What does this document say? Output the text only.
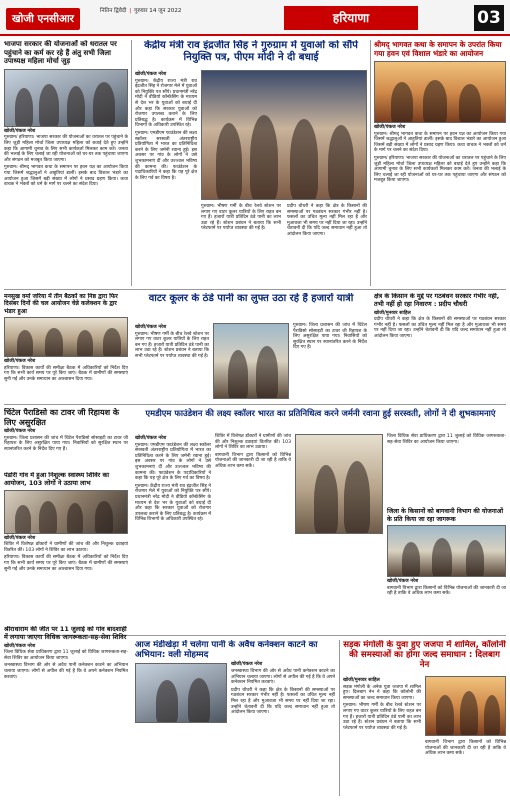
खोजी एनसीआर
नितिन द्विवेदी | गुरुवार 14 जून 2022	हरियाणा	03
भाजपा सरकार की योजनाओं को धरातल पर पहुंचाने का कर्म कर रहे हैं अंतु सभी जिला उपाध्यक्ष महिला मोर्चा जुड़
खोजी/पंकज नरेश
गुरुग्राम/ हरियाणा। भाजपा सरकार की योजनाओं का धरातल पर पहुंचाने के लिए जुड़ी महिला मोर्चा जिला उपाध्यक्ष महिला को बधाई देते हुए उन्होंने कहा कि आगामी चुनाव के लिए सभी कार्यकर्ता मिलकर काम करें। जनता की भलाई के लिए चलाई जा रही योजनाओं को घर-घर तक पहुंचाया जाएगा और संगठन को मजबूत किया जाएगा।
गुरुग्राम। श्रीमद् भागवत कथा के समापन पर हवन यज्ञ का आयोजन किया गया जिसमें श्रद्धालुओं ने आहुतियां डालीं। इसके बाद विशाल भंडारे का आयोजन हुआ जिसमें बड़ी संख्या में लोगों ने प्रसाद ग्रहण किया। कथा वाचक ने भक्तों को धर्म के मार्ग पर चलने का संदेश दिया।
केंद्रीय मंत्री राव इंद्रजीत सिंह ने गुरुग्राम में युवाओं को सौंपे नियुक्ति पत्र, पीएम मोदी ने दी बधाई
खोजी/पंकज नरेश
गुरुग्राम। केंद्रीय राज्य मंत्री राव इंद्रजीत सिंह ने रोजगार मेले में युवाओं को नियुक्ति पत्र सौंपे। प्रधानमंत्री नरेंद्र मोदी ने वीडियो कॉन्फ्रेंसिंग के माध्यम से देश भर के युवाओं को बधाई दी और कहा कि सरकार युवाओं को रोजगार उपलब्ध कराने के लिए प्रतिबद्ध है। कार्यक्रम में विभिन्न विभागों के अधिकारी उपस्थित रहे।
गुरुग्राम। एमडीएम फाउंडेशन की लक्ष्य स्कॉलर सरस्वती अंतरराष्ट्रीय प्रतियोगिता में भारत का प्रतिनिधित्व करने के लिए जर्मनी रवाना हुई। इस अवसर पर गांव के लोगों ने उसे शुभकामनाएं दीं और उज्ज्वल भविष्य की कामना की। फाउंडेशन के पदाधिकारियों ने कहा कि यह पूरे क्षेत्र के लिए गर्व का विषय है।
गुरुग्राम। भीषण गर्मी के बीच रेलवे स्टेशन पर लगाए गए वाटर कूलर यात्रियों के लिए राहत बन गए हैं। हजारों यात्री प्रतिदिन ठंडे पानी का लाभ उठा रहे हैं। स्टेशन प्रबंधन ने बताया कि सभी प्लेटफार्म पर पर्याप्त व्यवस्था की गई है।
प्रदीप चौधरी ने कहा कि क्षेत्र के किसानों की समस्याओं पर गठबंधन सरकार गंभीर नहीं है। फसलों का उचित मूल्य नहीं मिल रहा है और मुआवजा भी समय पर नहीं दिया जा रहा। उन्होंने चेतावनी दी कि यदि जल्द समाधान नहीं हुआ तो आंदोलन किया जाएगा।
श्रीमद् भागवत कथा के समापन के उपरांत किया गया हवन एवं विशाल भंडारे का आयोजन
खोजी/पंकज नरेश
गुरुग्राम। श्रीमद् भागवत कथा के समापन पर हवन यज्ञ का आयोजन किया गया जिसमें श्रद्धालुओं ने आहुतियां डालीं। इसके बाद विशाल भंडारे का आयोजन हुआ जिसमें बड़ी संख्या में लोगों ने प्रसाद ग्रहण किया। कथा वाचक ने भक्तों को धर्म के मार्ग पर चलने का संदेश दिया।
गुरुग्राम/ हरियाणा। भाजपा सरकार की योजनाओं का धरातल पर पहुंचाने के लिए जुड़ी महिला मोर्चा जिला उपाध्यक्ष महिला को बधाई देते हुए उन्होंने कहा कि आगामी चुनाव के लिए सभी कार्यकर्ता मिलकर काम करें। जनता की भलाई के लिए चलाई जा रही योजनाओं को घर-घर तक पहुंचाया जाएगा और संगठन को मजबूत किया जाएगा।
मनसुख वर्मा जरिया में तीन बैठकों का निष्ठ द्वारा फिर दिसंबर दिनों की चल आयोजन चेन्ने कलेक्शन के द्वार भंडार हुआ
खोजी/पंकज नरेश
हरियाणा। विकास कार्यों की समीक्षा बैठक में अधिकारियों को निर्देश दिए गए कि सभी कार्य समय पर पूरे किए जाएं। बैठक में ग्रामीणों की समस्याएं सुनी गईं और उनके समाधान का आश्वासन दिया गया।
वाटर कूलर के ठंडे पानी का लुफ्त उठा रहे हैं हजारों यात्री
खोजी/पंकज नरेश
गुरुग्राम। भीषण गर्मी के बीच रेलवे स्टेशन पर लगाए गए वाटर कूलर यात्रियों के लिए राहत बन गए हैं। हजारों यात्री प्रतिदिन ठंडे पानी का लाभ उठा रहे हैं। स्टेशन प्रबंधन ने बताया कि सभी प्लेटफार्म पर पर्याप्त व्यवस्था की गई है।
गुरुग्राम। जिला प्रशासन की जांच में चिंटेल पैराडिसो सोसाइटी का टावर जी रिहायश के लिए असुरक्षित पाया गया। निवासियों को सुरक्षित स्थान पर स्थानांतरित करने के निर्देश दिए गए हैं।
क्षेत्र के किसान के मुद्दे पर गठबंधन सरकार गंभीर नहीं, तभी नहीं हो रहा निवारण : प्रदीप चौधरी
खोजी/मुनव्वर साहिल
प्रदीप चौधरी ने कहा कि क्षेत्र के किसानों की समस्याओं पर गठबंधन सरकार गंभीर नहीं है। फसलों का उचित मूल्य नहीं मिल रहा है और मुआवजा भी समय पर नहीं दिया जा रहा। उन्होंने चेतावनी दी कि यदि जल्द समाधान नहीं हुआ तो आंदोलन किया जाएगा।
चिंटेल पैराडिसो का टावर जी रिहायश के लिए असुरक्षित
खोजी/पंकज नरेश
गुरुग्राम। जिला प्रशासन की जांच में चिंटेल पैराडिसो सोसाइटी का टावर जी रिहायश के लिए असुरक्षित पाया गया। निवासियों को सुरक्षित स्थान पर स्थानांतरित करने के निर्देश दिए गए हैं।
पंडोरी गांव में हुआ निशुल्क स्वास्थ्य शिविर का आयोजन, 103 लोगों ने उठाया लाभ
खोजी/पंकज नरेश
शिविर में विशेषज्ञ डॉक्टरों ने ग्रामीणों की जांच की और निशुल्क दवाइयां वितरित कीं। 103 लोगों ने शिविर का लाभ उठाया।
हरियाणा। विकास कार्यों की समीक्षा बैठक में अधिकारियों को निर्देश दिए गए कि सभी कार्य समय पर पूरे किए जाएं। बैठक में ग्रामीणों की समस्याएं सुनी गईं और उनके समाधान का आश्वासन दिया गया।
एमडीएम फाउंडेशन की लक्ष्य स्कॉलर भारत का प्रतिनिधित्व करने जर्मनी रवाना हुई सरस्वती, लोगों ने दी शुभकामनाएं
खोजी/पंकज नरेश
गुरुग्राम। एमडीएम फाउंडेशन की लक्ष्य स्कॉलर सरस्वती अंतरराष्ट्रीय प्रतियोगिता में भारत का प्रतिनिधित्व करने के लिए जर्मनी रवाना हुई। इस अवसर पर गांव के लोगों ने उसे शुभकामनाएं दीं और उज्ज्वल भविष्य की कामना की। फाउंडेशन के पदाधिकारियों ने कहा कि यह पूरे क्षेत्र के लिए गर्व का विषय है।
गुरुग्राम। केंद्रीय राज्य मंत्री राव इंद्रजीत सिंह ने रोजगार मेले में युवाओं को नियुक्ति पत्र सौंपे। प्रधानमंत्री नरेंद्र मोदी ने वीडियो कॉन्फ्रेंसिंग के माध्यम से देश भर के युवाओं को बधाई दी और कहा कि सरकार युवाओं को रोजगार उपलब्ध कराने के लिए प्रतिबद्ध है। कार्यक्रम में विभिन्न विभागों के अधिकारी उपस्थित रहे।
शिविर में विशेषज्ञ डॉक्टरों ने ग्रामीणों की जांच की और निशुल्क दवाइयां वितरित कीं। 103 लोगों ने शिविर का लाभ उठाया।
बागवानी विभाग द्वारा किसानों को विभिन्न योजनाओं की जानकारी दी जा रही है ताकि वे अधिक लाभ कमा सकें।
जिला विधिक सेवा प्राधिकरण द्वारा 11 जुलाई को विधिक जागरूकता-सह-सेवा शिविर का आयोजन किया जाएगा।
जिला के किसानों को बागवानी विभाग की योजनाओं के प्रति किया जा रहा जागरूक
खोजी/पंकज नरेश
बागवानी विभाग द्वारा किसानों को विभिन्न योजनाओं की जानकारी दी जा रही है ताकि वे अधिक लाभ कमा सकें।
श्रीराधाराम की जीत पर 11 जुलाई को गांव बादशाही में लगाया जाएगा विधिक जागरूकता-सह-सेवा शिविर
खोजी/पंकज नरेश
जिला विधिक सेवा प्राधिकरण द्वारा 11 जुलाई को विधिक जागरूकता-सह-सेवा शिविर का आयोजन किया जाएगा।
जनस्वास्थ्य विभाग की ओर से अवैध पानी कनेक्शन काटने का अभियान चलाया जाएगा। लोगों से अपील की गई है कि वे अपने कनेक्शन नियमित करवाएं।
आज मंडीखेड़ा में चलेगा पानी के अवैध कनेक्शन काटने का अभियान: वली मोहम्मद
खोजी/पंकज नरेश
जनस्वास्थ्य विभाग की ओर से अवैध पानी कनेक्शन काटने का अभियान चलाया जाएगा। लोगों से अपील की गई है कि वे अपने कनेक्शन नियमित करवाएं।
प्रदीप चौधरी ने कहा कि क्षेत्र के किसानों की समस्याओं पर गठबंधन सरकार गंभीर नहीं है। फसलों का उचित मूल्य नहीं मिल रहा है और मुआवजा भी समय पर नहीं दिया जा रहा। उन्होंने चेतावनी दी कि यदि जल्द समाधान नहीं हुआ तो आंदोलन किया जाएगा।
सड़क मंगोली के युवा हुए जजपा में शामिल, कॉलोनी की समस्याओं का होगा जल्द समाधान : दिलबाग नेन
खोजी/मुनव्वर साहिल
सड़क मंगोली के अनेक युवा जजपा में शामिल हुए। दिलबाग नेन ने कहा कि कॉलोनी की समस्याओं का जल्द समाधान किया जाएगा।
गुरुग्राम। भीषण गर्मी के बीच रेलवे स्टेशन पर लगाए गए वाटर कूलर यात्रियों के लिए राहत बन गए हैं। हजारों यात्री प्रतिदिन ठंडे पानी का लाभ उठा रहे हैं। स्टेशन प्रबंधन ने बताया कि सभी प्लेटफार्म पर पर्याप्त व्यवस्था की गई है।
बागवानी विभाग द्वारा किसानों को विभिन्न योजनाओं की जानकारी दी जा रही है ताकि वे अधिक लाभ कमा सकें।
